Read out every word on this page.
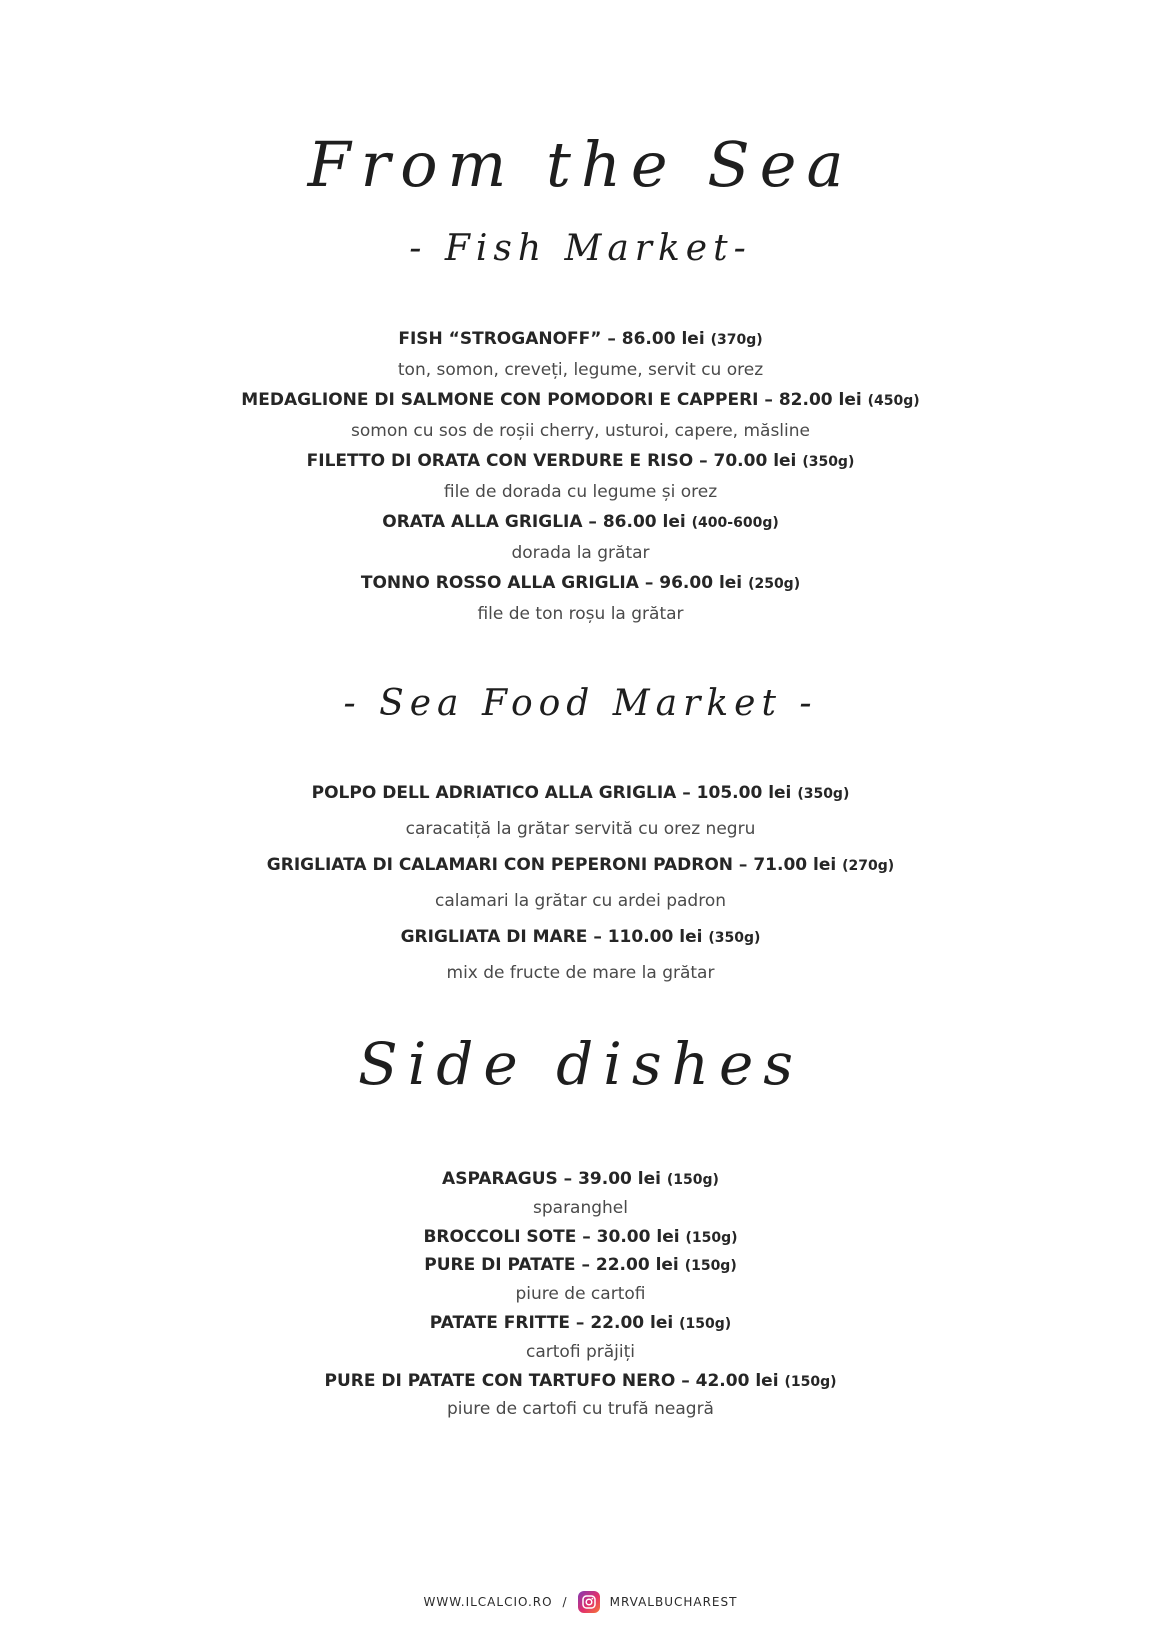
From the Sea
- Fish Market-
FISH “STROGANOFF” – 86.00 lei (370g)
ton, somon, creveți, legume, servit cu orez
MEDAGLIONE DI SALMONE CON POMODORI E CAPPERI – 82.00 lei (450g)
somon cu sos de roșii cherry, usturoi, capere, măsline
FILETTO DI ORATA CON VERDURE E RISO – 70.00 lei (350g)
file de dorada cu legume și orez
ORATA ALLA GRIGLIA – 86.00 lei (400-600g)
dorada la grătar
TONNO ROSSO ALLA GRIGLIA – 96.00 lei (250g)
file de ton roșu la grătar
- Sea Food Market -
POLPO DELL ADRIATICO ALLA GRIGLIA – 105.00 lei (350g)
caracatiță la grătar servită cu orez negru
GRIGLIATA DI CALAMARI CON PEPERONI PADRON – 71.00 lei (270g)
calamari la grătar cu ardei padron
GRIGLIATA DI MARE – 110.00 lei (350g)
mix de fructe de mare la grătar
Side dishes
ASPARAGUS – 39.00 lei (150g)
sparanghel
BROCCOLI SOTE – 30.00 lei (150g)
PURE DI PATATE – 22.00 lei (150g)
piure de cartofi
PATATE FRITTE – 22.00 lei (150g)
cartofi prăjiți
PURE DI PATATE CON TARTUFO NERO – 42.00 lei (150g)
piure de cartofi cu trufă neagră
WWW.ILCALCIO.RO /	MRVALBUCHAREST
